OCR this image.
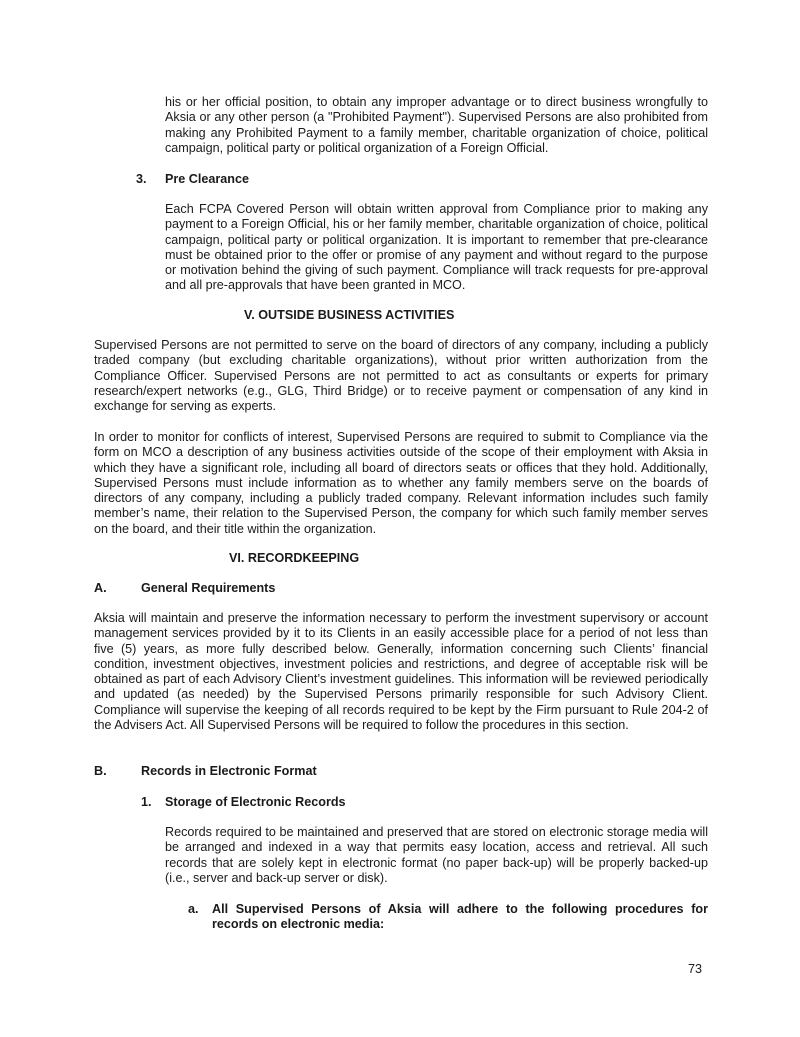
his or her official position, to obtain any improper advantage or to direct business wrongfully to Aksia or any other person (a "Prohibited Payment"). Supervised Persons are also prohibited from making any Prohibited Payment to a family member, charitable organization of choice, political campaign, political party or political organization of a Foreign Official.

3. Pre Clearance

Each FCPA Covered Person will obtain written approval from Compliance prior to making any payment to a Foreign Official, his or her family member, charitable organization of choice, political campaign, political party or political organization. It is important to remember that pre-clearance must be obtained prior to the offer or promise of any payment and without regard to the purpose or motivation behind the giving of such payment. Compliance will track requests for pre-approval and all pre-approvals that have been granted in MCO.

V. OUTSIDE BUSINESS ACTIVITIES

Supervised Persons are not permitted to serve on the board of directors of any company, including a publicly traded company (but excluding charitable organizations), without prior written authorization from the Compliance Officer. Supervised Persons are not permitted to act as consultants or experts for primary research/expert networks (e.g., GLG, Third Bridge) or to receive payment or compensation of any kind in exchange for serving as experts.

In order to monitor for conflicts of interest, Supervised Persons are required to submit to Compliance via the form on MCO a description of any business activities outside of the scope of their employment with Aksia in which they have a significant role, including all board of directors seats or offices that they hold. Additionally, Supervised Persons must include information as to whether any family members serve on the boards of directors of any company, including a publicly traded company. Relevant information includes such family member’s name, their relation to the Supervised Person, the company for which such family member serves on the board, and their title within the organization.

VI. RECORDKEEPING

A.	General Requirements

Aksia will maintain and preserve the information necessary to perform the investment supervisory or account management services provided by it to its Clients in an easily accessible place for a period of not less than five (5) years, as more fully described below. Generally, information concerning such Clients’ financial condition, investment objectives, investment policies and restrictions, and degree of acceptable risk will be obtained as part of each Advisory Client’s investment guidelines. This information will be reviewed periodically and updated (as needed) by the Supervised Persons primarily responsible for such Advisory Client. Compliance will supervise the keeping of all records required to be kept by the Firm pursuant to Rule 204-2 of the Advisers Act. All Supervised Persons will be required to follow the procedures in this section.

B.	Records in Electronic Format
1. Storage of Electronic Records

Records required to be maintained and preserved that are stored on electronic storage media will be arranged and indexed in a way that permits easy location, access and retrieval. All such records that are solely kept in electronic format (no paper back-up) will be properly backed-up (i.e., server and back-up server or disk).

a. All Supervised Persons of Aksia will adhere to the following procedures for records on electronic media:

73
